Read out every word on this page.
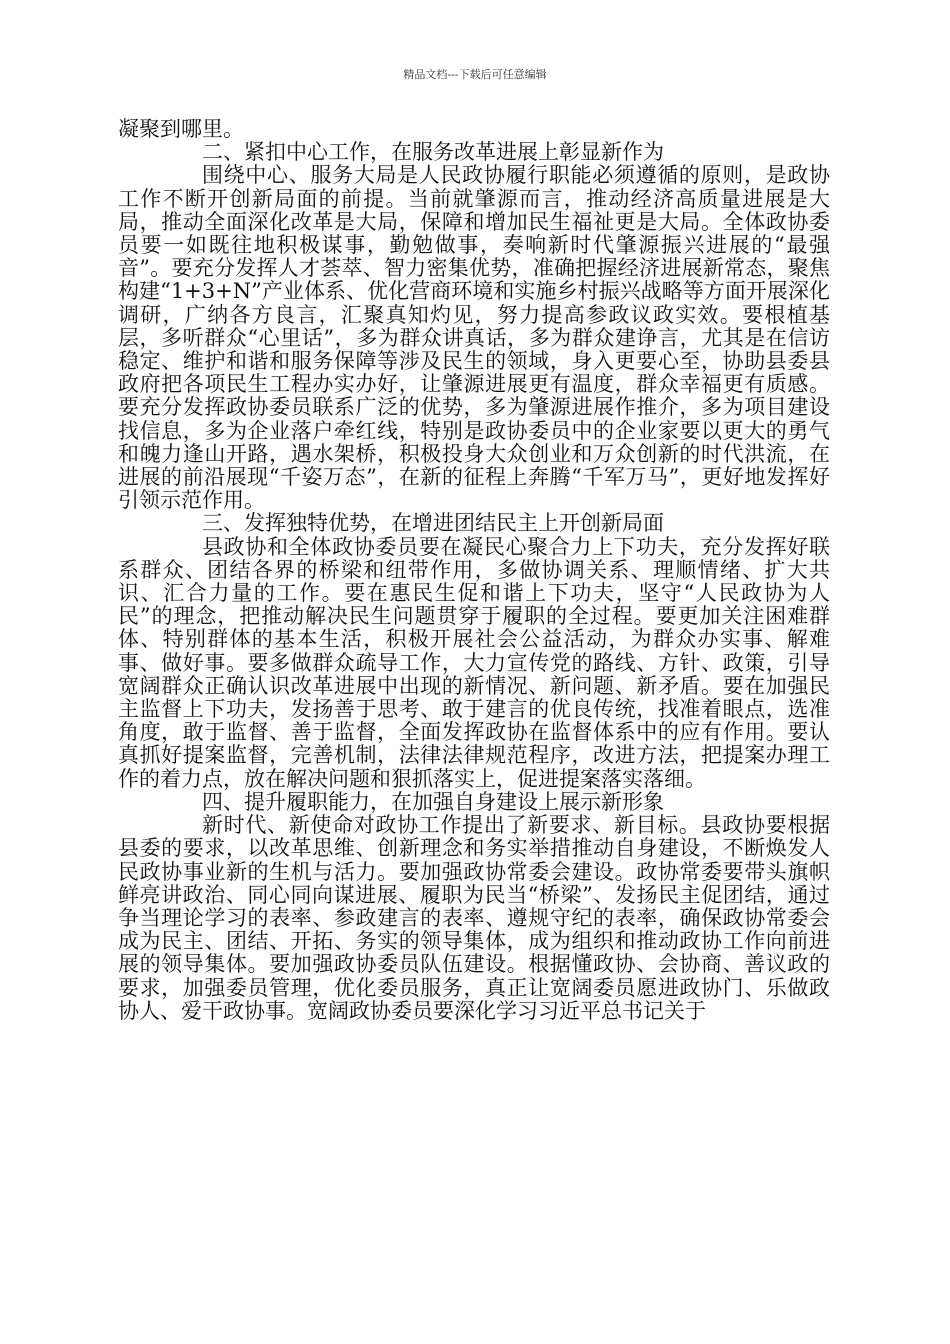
精品文档---下载后可任意编辑

凝聚到哪里。

二、紧扣中心工作，在服务改革进展上彰显新作为

围绕中心、服务大局是人民政协履行职能必须遵循的原则，是政协工作不断开创新局面的前提。当前就肇源而言，推动经济高质量进展是大局，推动全面深化改革是大局，保障和增加民生福祉更是大局。全体政协委员要一如既往地积极谋事，勤勉做事，奏响新时代肇源振兴进展的“最强音”。要充分发挥人才荟萃、智力密集优势，准确把握经济进展新常态，聚焦构建“1+3+N”产业体系、优化营商环境和实施乡村振兴战略等方面开展深化调研，广纳各方良言，汇聚真知灼见，努力提高参政议政实效。要根植基层，多听群众“心里话”，多为群众讲真话，多为群众建诤言，尤其是在信访稳定、维护和谐和服务保障等涉及民生的领域，身入更要心至，协助县委县政府把各项民生工程办实办好，让肇源进展更有温度，群众幸福更有质感。要充分发挥政协委员联系广泛的优势，多为肇源进展作推介，多为项目建设找信息，多为企业落户牵红线，特别是政协委员中的企业家要以更大的勇气和魄力逢山开路，遇水架桥，积极投身大众创业和万众创新的时代洪流，在进展的前沿展现“千姿万态”，在新的征程上奔腾“千军万马”，更好地发挥好引领示范作用。

三、发挥独特优势，在增进团结民主上开创新局面

县政协和全体政协委员要在凝民心聚合力上下功夫，充分发挥好联系群众、团结各界的桥梁和纽带作用，多做协调关系、理顺情绪、扩大共识、汇合力量的工作。要在惠民生促和谐上下功夫，坚守“人民政协为人民”的理念，把推动解决民生问题贯穿于履职的全过程。要更加关注困难群体、特别群体的基本生活，积极开展社会公益活动，为群众办实事、解难事、做好事。要多做群众疏导工作，大力宣传党的路线、方针、政策，引导宽阔群众正确认识改革进展中出现的新情况、新问题、新矛盾。要在加强民主监督上下功夫，发扬善于思考、敢于建言的优良传统，找准着眼点，选准角度，敢于监督、善于监督，全面发挥政协在监督体系中的应有作用。要认真抓好提案监督，完善机制，法律法律规范程序，改进方法，把提案办理工作的着力点，放在解决问题和狠抓落实上，促进提案落实落细。

四、提升履职能力，在加强自身建设上展示新形象

新时代、新使命对政协工作提出了新要求、新目标。县政协要根据县委的要求，以改革思维、创新理念和务实举措推动自身建设，不断焕发人民政协事业新的生机与活力。要加强政协常委会建设。政协常委要带头旗帜鲜亮讲政治、同心同向谋进展、履职为民当“桥梁”、发扬民主促团结，通过争当理论学习的表率、参政建言的表率、遵规守纪的表率，确保政协常委会成为民主、团结、开拓、务实的领导集体，成为组织和推动政协工作向前进展的领导集体。要加强政协委员队伍建设。根据懂政协、会协商、善议政的要求，加强委员管理，优化委员服务，真正让宽阔委员愿进政协门、乐做政协人、爱干政协事。宽阔政协委员要深化学习习近平总书记关于
